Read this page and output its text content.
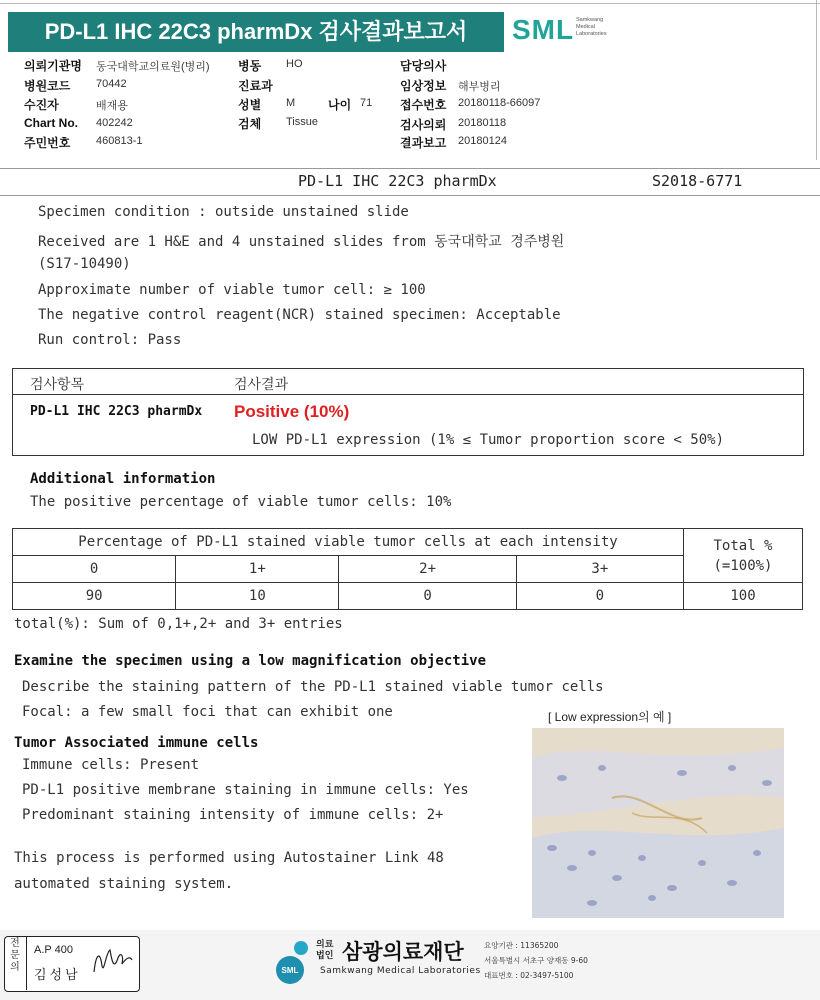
PD-L1 IHC 22C3 pharmDx 검사결과보고서	SML Samkwang
Medical
Laboratories
의뢰기관명 동국대학교의료원(병리) 병동 HO	담당의사
병원코드 70442	진료과	임상정보 해부병리
수진자	배재용	성별 M	나이 71 접수번호 20180118-66097
Chart No. 402242	검체 Tissue	검사의뢰 20180118
주민번호 460813-1	결과보고 20180124
PD-L1 IHC 22C3 pharmDx	S2018-6771
Specimen condition : outside unstained slide
Received are 1 H&E and 4 unstained slides from 동국대학교 경주병원
(S17-10490)
Approximate number of viable tumor cell: ≥ 100
The negative control reagent(NCR) stained specimen: Acceptable
Run control: Pass
검사항목	검사결과
PD-L1 IHC 22C3 pharmDx Positive (10%)
LOW PD-L1 expression (1% ≤ Tumor proportion score < 50%)
Additional information
The positive percentage of viable tumor cells: 10%
Percentage of PD-L1 stained viable tumor cells at each intensity				Total %
(=100%)

0	1+	2+	3+	
90	10	0	0	100
total(%): Sum of 0,1+,2+ and 3+ entries
Examine the specimen using a low magnification objective
Describe the staining pattern of the PD-L1 stained viable tumor cells
Focal: a few small foci that can exhibit one
Tumor Associated immune cells
Immune cells: Present
PD-L1 positive membrane staining in immune cells: Yes
Predominant staining intensity of immune cells: 2+
This process is performed using Autostainer Link 48
automated staining system.
[ Low expression의 예 ]
전문의
A.P 400
김성남	SML
의료
법인 삼광의료재단
Samkwang Medical Laboratories
요양기관 : 11365200
서울특별시 서초구 양재동 9-60
대표번호 : 02-3497-5100
